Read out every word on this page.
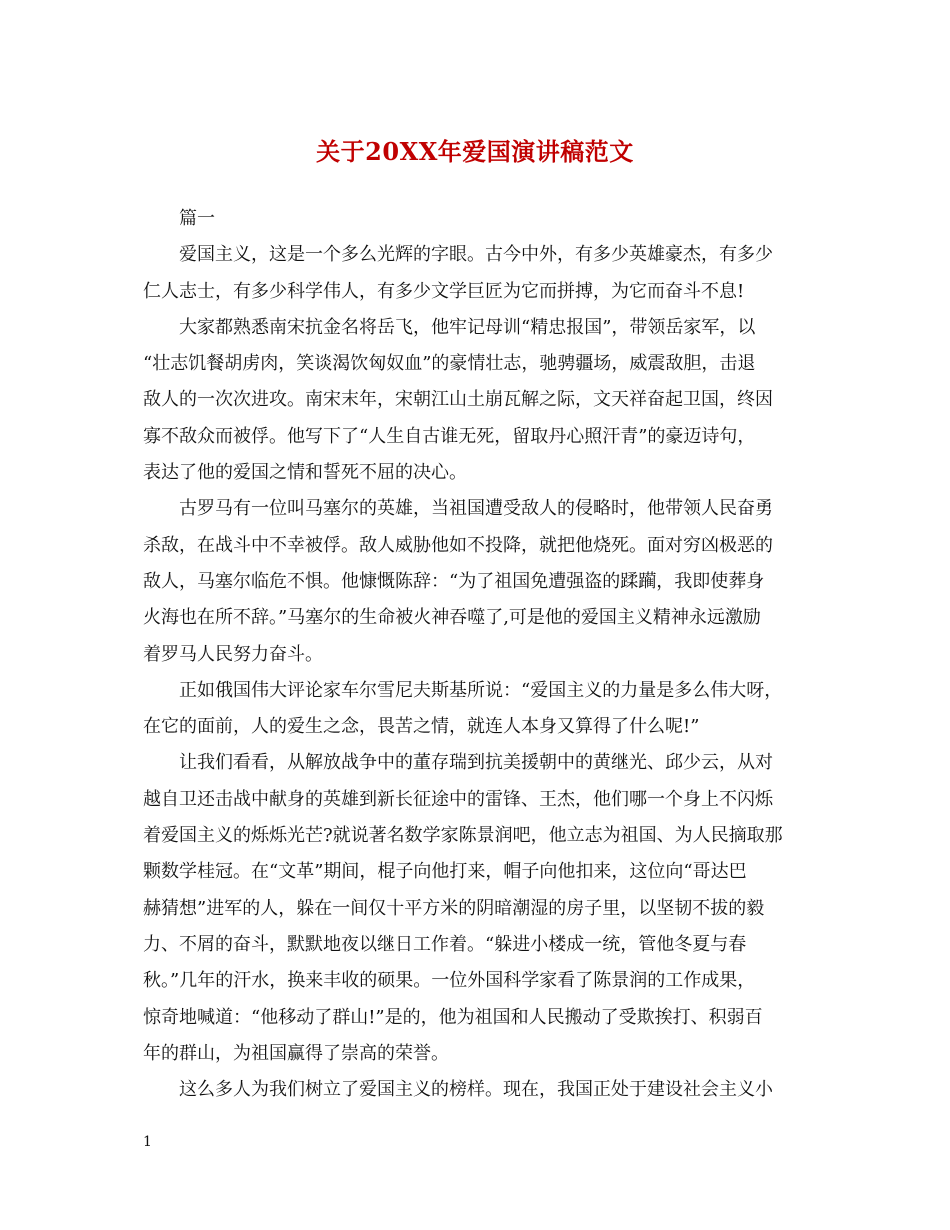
关于20XX年爱国演讲稿范文
篇一
爱国主义，这是一个多么光辉的字眼。古今中外，有多少英雄豪杰，有多少
仁人志士，有多少科学伟人，有多少文学巨匠为它而拼搏，为它而奋斗不息!
大家都熟悉南宋抗金名将岳飞，他牢记母训“精忠报国”，带领岳家军，以
“壮志饥餐胡虏肉，笑谈渴饮匈奴血”的豪情壮志，驰骋疆场，威震敌胆，击退
敌人的一次次进攻。南宋末年，宋朝江山土崩瓦解之际，文天祥奋起卫国，终因
寡不敌众而被俘。他写下了“人生自古谁无死，留取丹心照汗青”的豪迈诗句，
表达了他的爱国之情和誓死不屈的决心。
古罗马有一位叫马塞尔的英雄，当祖国遭受敌人的侵略时，他带领人民奋勇
杀敌，在战斗中不幸被俘。敌人威胁他如不投降，就把他烧死。面对穷凶极恶的
敌人，马塞尔临危不惧。他慷慨陈辞：“为了祖国免遭强盗的蹂躏，我即使葬身
火海也在所不辞。”马塞尔的生命被火神吞噬了,可是他的爱国主义精神永远激励
着罗马人民努力奋斗。
正如俄国伟大评论家车尔雪尼夫斯基所说：“爱国主义的力量是多么伟大呀，
在它的面前，人的爱生之念，畏苦之情，就连人本身又算得了什么呢!”
让我们看看，从解放战争中的董存瑞到抗美援朝中的黄继光、邱少云，从对
越自卫还击战中献身的英雄到新长征途中的雷锋、王杰，他们哪一个身上不闪烁
着爱国主义的烁烁光芒?就说著名数学家陈景润吧，他立志为祖国、为人民摘取那
颗数学桂冠。在“文革”期间，棍子向他打来，帽子向他扣来，这位向“哥达巴
赫猜想”进军的人，躲在一间仅十平方米的阴暗潮湿的房子里，以坚韧不拔的毅
力、不屑的奋斗，默默地夜以继日工作着。“躲进小楼成一统，管他冬夏与春
秋。”几年的汗水，换来丰收的硕果。一位外国科学家看了陈景润的工作成果，
惊奇地喊道：“他移动了群山!”是的，他为祖国和人民搬动了受欺挨打、积弱百
年的群山，为祖国赢得了崇高的荣誉。
这么多人为我们树立了爱国主义的榜样。现在，我国正处于建设社会主义小
1
